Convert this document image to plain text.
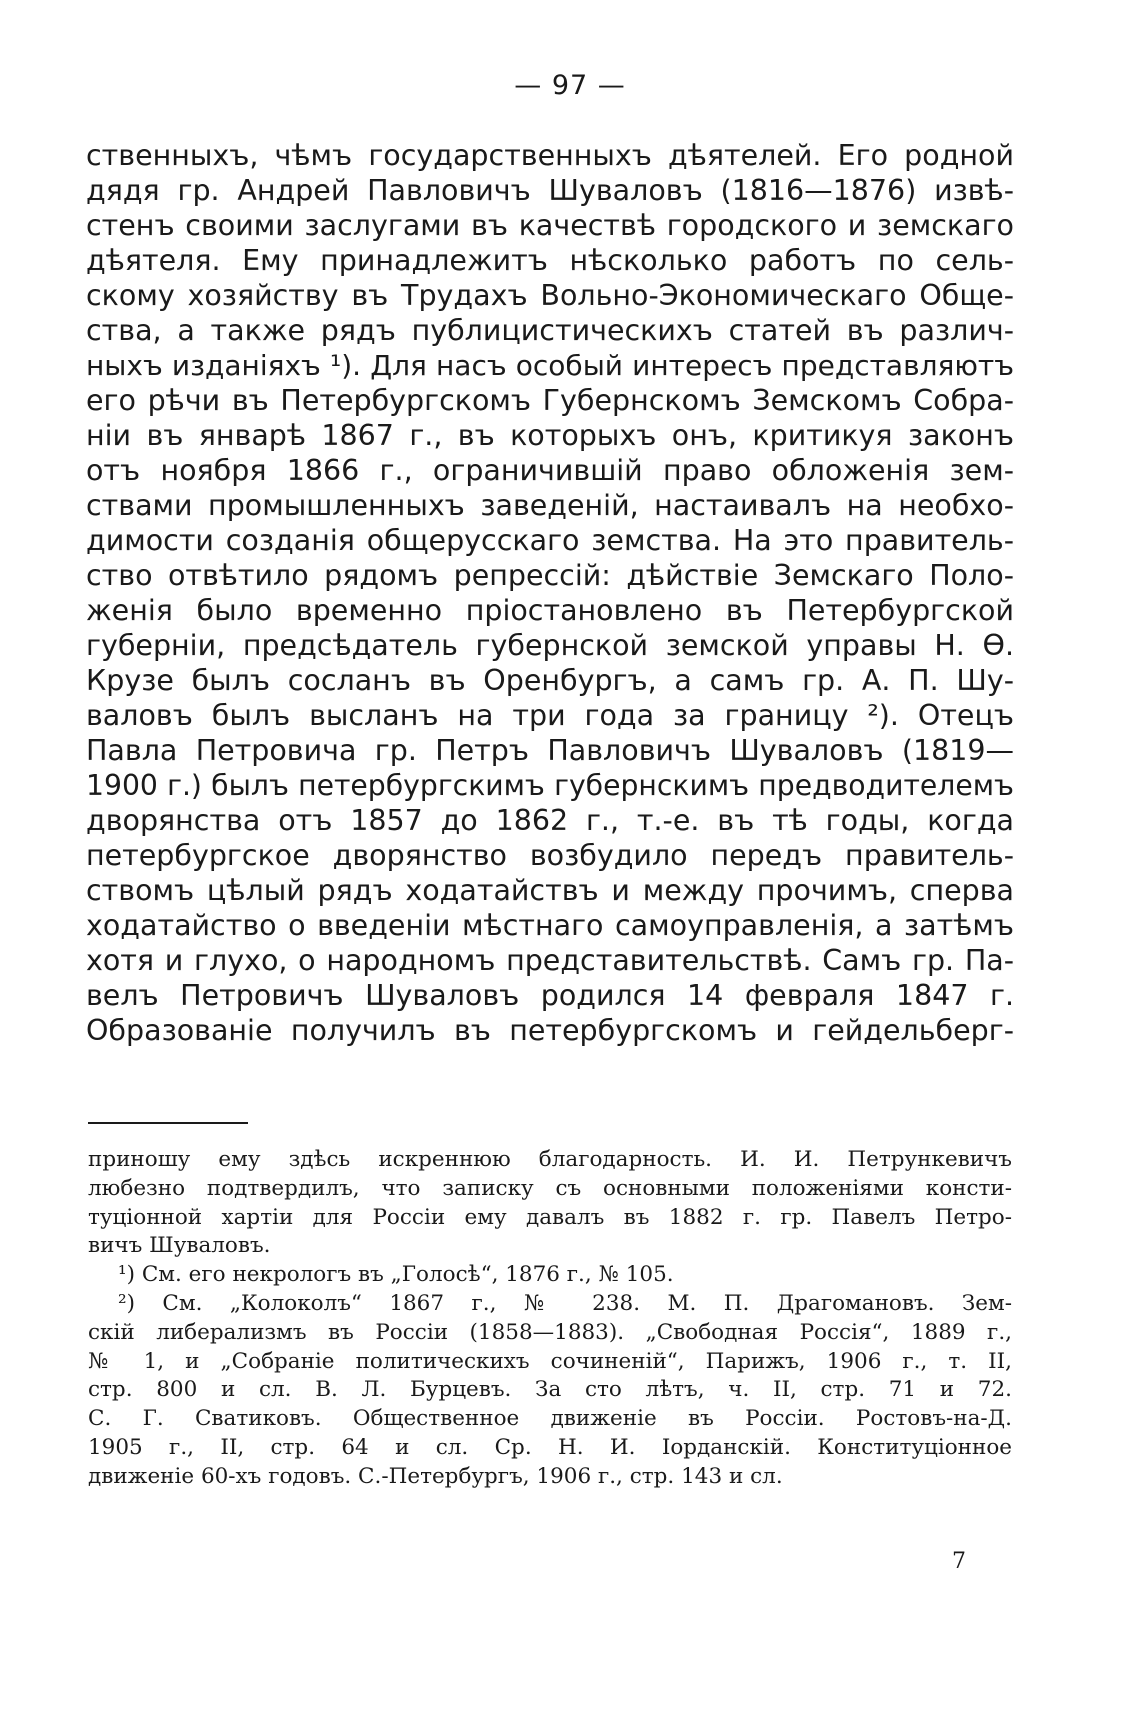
— 97 —
ственныхъ, чѣмъ государственныхъ дѣятелей. Его родной
дядя гр. Андрей Павловичъ Шуваловъ (1816—1876) извѣ-
стенъ своими заслугами въ качествѣ городского и земскаго
дѣятеля. Ему принадлежитъ нѣсколько работъ по сель-
скому хозяйству въ Трудахъ Вольно-Экономическаго Обще-
ства, а также рядъ публицистическихъ статей въ различ-
ныхъ изданіяхъ ¹). Для насъ особый интересъ представляютъ
его рѣчи въ Петербургскомъ Губернскомъ Земскомъ Собра-
ніи въ январѣ 1867 г., въ которыхъ онъ, критикуя законъ
отъ ноября 1866 г., ограничившій право обложенія зем-
ствами промышленныхъ заведеній, настаивалъ на необхо-
димости созданія общерусскаго земства. На это правитель-
ство отвѣтило рядомъ репрессій: дѣйствіе Земскаго Поло-
женія было временно пріостановлено въ Петербургской
губерніи, предсѣдатель губернской земской управы Н. Ѳ.
Крузе былъ сосланъ въ Оренбургъ, а самъ гр. А. П. Шу-
валовъ былъ высланъ на три года за границу ²). Отецъ
Павла Петровича гр. Петръ Павловичъ Шуваловъ (1819—
1900 г.) былъ петербургскимъ губернскимъ предводителемъ
дворянства отъ 1857 до 1862 г., т.-е. въ тѣ годы, когда
петербургское дворянство возбудило передъ правитель-
ствомъ цѣлый рядъ ходатайствъ и между прочимъ, сперва
ходатайство о введеніи мѣстнаго самоуправленія, а затѣмъ
хотя и глухо, о народномъ представительствѣ. Самъ гр. Па-
велъ Петровичъ Шуваловъ родился 14 февраля 1847 г.
Образованіе получилъ въ петербургскомъ и гейдельберг-
приношу ему здѣсь искреннюю благодарность. И. И. Петрункевичъ
любезно подтвердилъ, что записку съ основными положеніями консти-
туціонной хартіи для Россіи ему давалъ въ 1882 г. гр. Павелъ Петро-
вичъ Шуваловъ.
¹) См. его некрологъ въ „Голосѣ“, 1876 г., № 105.
²) См. „Колоколъ“ 1867 г., № 238. М. П. Драгомановъ. Зем-
скій либерализмъ въ Россіи (1858—1883). „Свободная Россія“, 1889 г.,
№ 1, и „Собраніе политическихъ сочиненій“, Парижъ, 1906 г., т. II,
стр. 800 и сл. В. Л. Бурцевъ. За сто лѣтъ, ч. II, стр. 71 и 72.
С. Г. Сватиковъ. Общественное движеніе въ Россіи. Ростовъ-на-Д.
1905 г., II, стр. 64 и сл. Ср. Н. И. Іорданскій. Конституціонное
движеніе 60-хъ годовъ. С.-Петербургъ, 1906 г., стр. 143 и сл.
7
